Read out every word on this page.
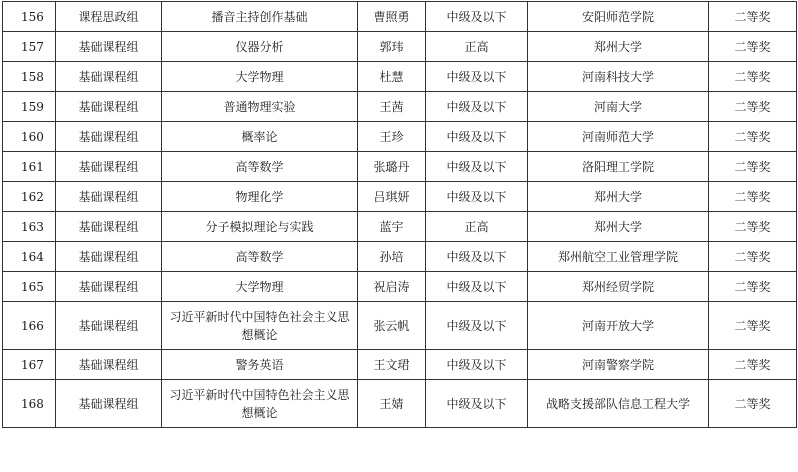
156	课程思政组	播音主持创作基础	曹照勇	中级及以下	安阳师范学院	二等奖
157	基础课程组	仪器分析	郭玮	正高	郑州大学	二等奖
158	基础课程组	大学物理	杜慧	中级及以下	河南科技大学	二等奖
159	基础课程组	普通物理实验	王茜	中级及以下	河南大学	二等奖
160	基础课程组	概率论	王珍	中级及以下	河南师范大学	二等奖
161	基础课程组	高等数学	张璐丹	中级及以下	洛阳理工学院	二等奖
162	基础课程组	物理化学	吕琪妍	中级及以下	郑州大学	二等奖
163	基础课程组	分子模拟理论与实践	蓝宇	正高	郑州大学	二等奖
164	基础课程组	高等数学	孙培	中级及以下	郑州航空工业管理学院	二等奖
165	基础课程组	大学物理	祝启涛	中级及以下	郑州经贸学院	二等奖
166	基础课程组	习近平新时代中国特色社会主义思想概论	张云帆	中级及以下	河南开放大学	二等奖
167	基础课程组	警务英语	王文珺	中级及以下	河南警察学院	二等奖
168	基础课程组	习近平新时代中国特色社会主义思想概论	王婧	中级及以下	战略支援部队信息工程大学	二等奖
